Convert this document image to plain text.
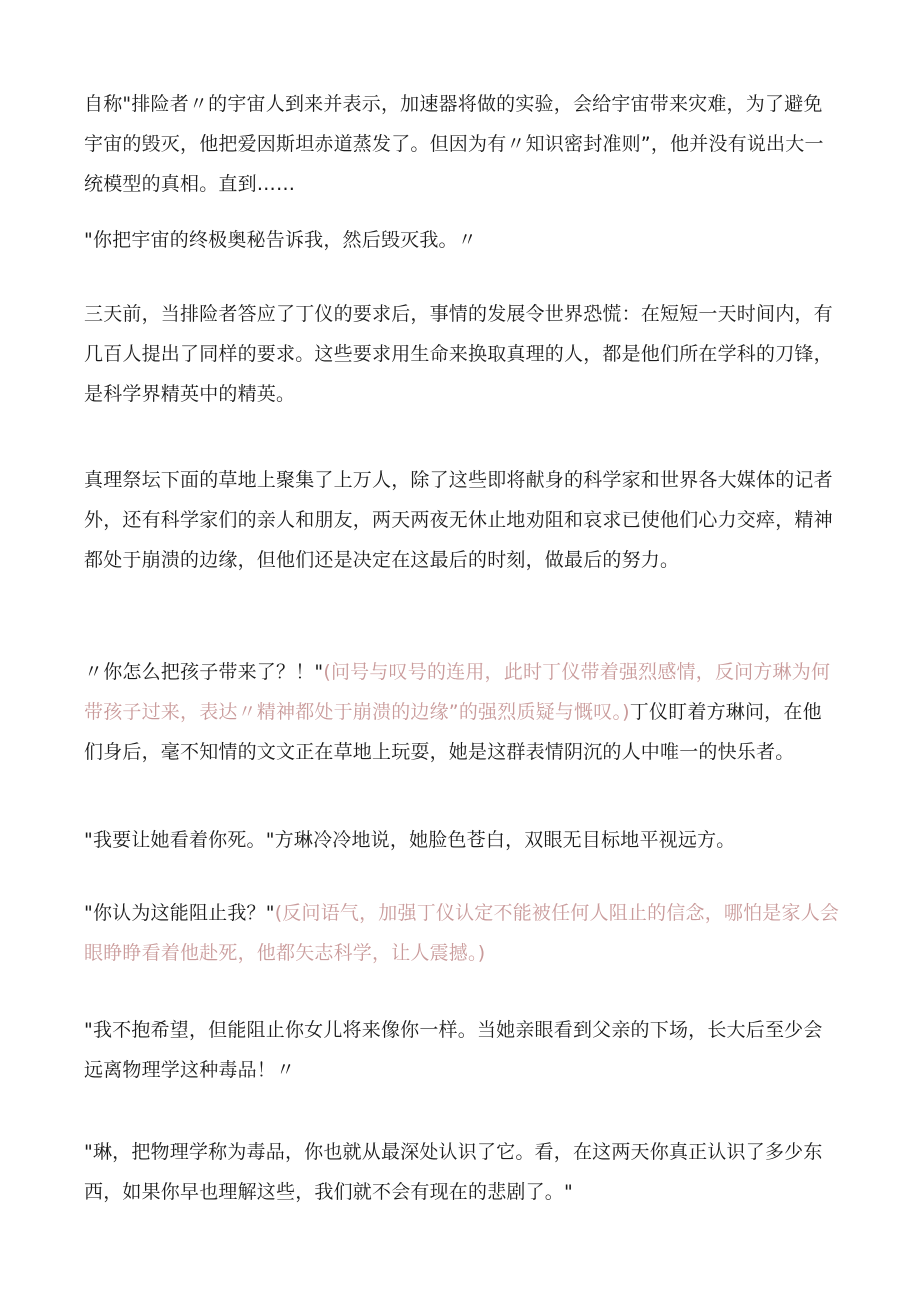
自称"排险者〃的宇宙人到来并表示，加速器将做的实验，会给宇宙带来灾难，为了避免宇宙的毁灭，他把爱因斯坦赤道蒸发了。但因为有〃知识密封准则”，他并没有说出大一统模型的真相。直到……

"你把宇宙的终极奥秘告诉我，然后毁灭我。〃

三天前，当排险者答应了丁仪的要求后，事情的发展令世界恐慌：在短短一天时间内，有几百人提出了同样的要求。这些要求用生命来换取真理的人，都是他们所在学科的刀锋，是科学界精英中的精英。

真理祭坛下面的草地上聚集了上万人，除了这些即将献身的科学家和世界各大媒体的记者外，还有科学家们的亲人和朋友，两天两夜无休止地劝阻和哀求已使他们心力交瘁，精神都处于崩溃的边缘，但他们还是决定在这最后的时刻，做最后的努力。

〃你怎么把孩子带来了？！"(问号与叹号的连用，此时丁仪带着强烈感情，反问方琳为何带孩子过来，表达〃精神都处于崩溃的边缘”的强烈质疑与慨叹。)丁仪盯着方琳问，在他们身后，毫不知情的文文正在草地上玩耍，她是这群表情阴沉的人中唯一的快乐者。

"我要让她看着你死。"方琳冷冷地说，她脸色苍白，双眼无目标地平视远方。

"你认为这能阻止我？"(反问语气，加强丁仪认定不能被任何人阻止的信念，哪怕是家人会眼睁睁看着他赴死，他都矢志科学，让人震撼。)

"我不抱希望，但能阻止你女儿将来像你一样。当她亲眼看到父亲的下场，长大后至少会远离物理学这种毒品！〃

"琳，把物理学称为毒品，你也就从最深处认识了它。看，在这两天你真正认识了多少东西，如果你早也理解这些，我们就不会有现在的悲剧了。"
